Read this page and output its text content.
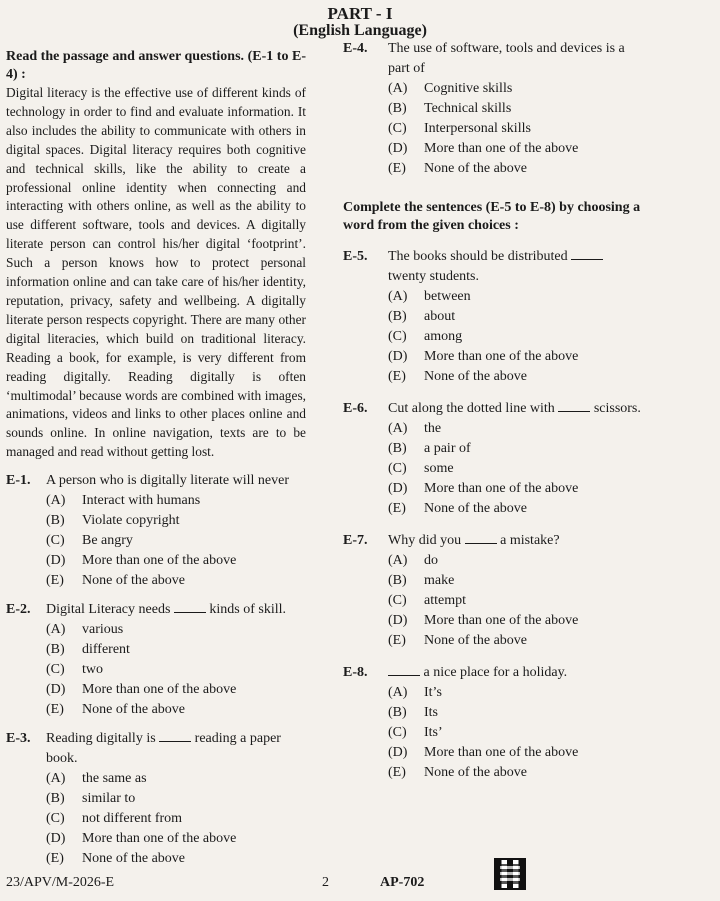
PART - I
(English Language)
Read the passage and answer questions. (E-1 to E-4) :
Digital literacy is the effective use of different kinds of technology in order to find and evaluate information. It also includes the ability to communicate with others in digital spaces. Digital literacy requires both cognitive and technical skills, like the ability to create a professional online identity when connecting and interacting with others online, as well as the ability to use different software, tools and devices. A digitally literate person can control his/her digital ‘footprint’. Such a person knows how to protect personal information online and can take care of his/her identity, reputation, privacy, safety and wellbeing. A digitally literate person respects copyright. There are many other digital literacies, which build on traditional literacy. Reading a book, for example, is very different from reading digitally. Reading digitally is often ‘multimodal’ because words are combined with images, animations, videos and links to other places online and sounds online. In online navigation, texts are to be managed and read without getting lost.
E-1. A person who is digitally literate will never
(A) Interact with humans
(B) Violate copyright
(C) Be angry
(D) More than one of the above
(E) None of the above
E-2. Digital Literacy needs	kinds of skill.
(A) various
(B) different
(C) two
(D) More than one of the above
(E) None of the above
E-3. Reading digitally is	reading a paper book.
(A) the same as
(B) similar to
(C) not different from
(D) More than one of the above
(E) None of the above
E-4. The use of software, tools and devices is a part of
(A) Cognitive skills
(B) Technical skills
(C) Interpersonal skills
(D) More than one of the above
(E) None of the above
Complete the sentences (E-5 to E-8) by choosing a word from the given choices :
E-5. The books should be distributed  twenty students.
(A) between
(B) about
(C) among
(D) More than one of the above
(E) None of the above
E-6. Cut along the dotted line with	scissors.
(A) the
(B) a pair of
(C) some
(D) More than one of the above
(E) None of the above
E-7. Why did you	a mistake?
(A) do
(B) make
(C) attempt
(D) More than one of the above
(E) None of the above
E-8.	a nice place for a holiday.
(A) It’s
(B) Its
(C) Its’
(D) More than one of the above
(E) None of the above
23/APV/M-2026-E	2	AP-702
